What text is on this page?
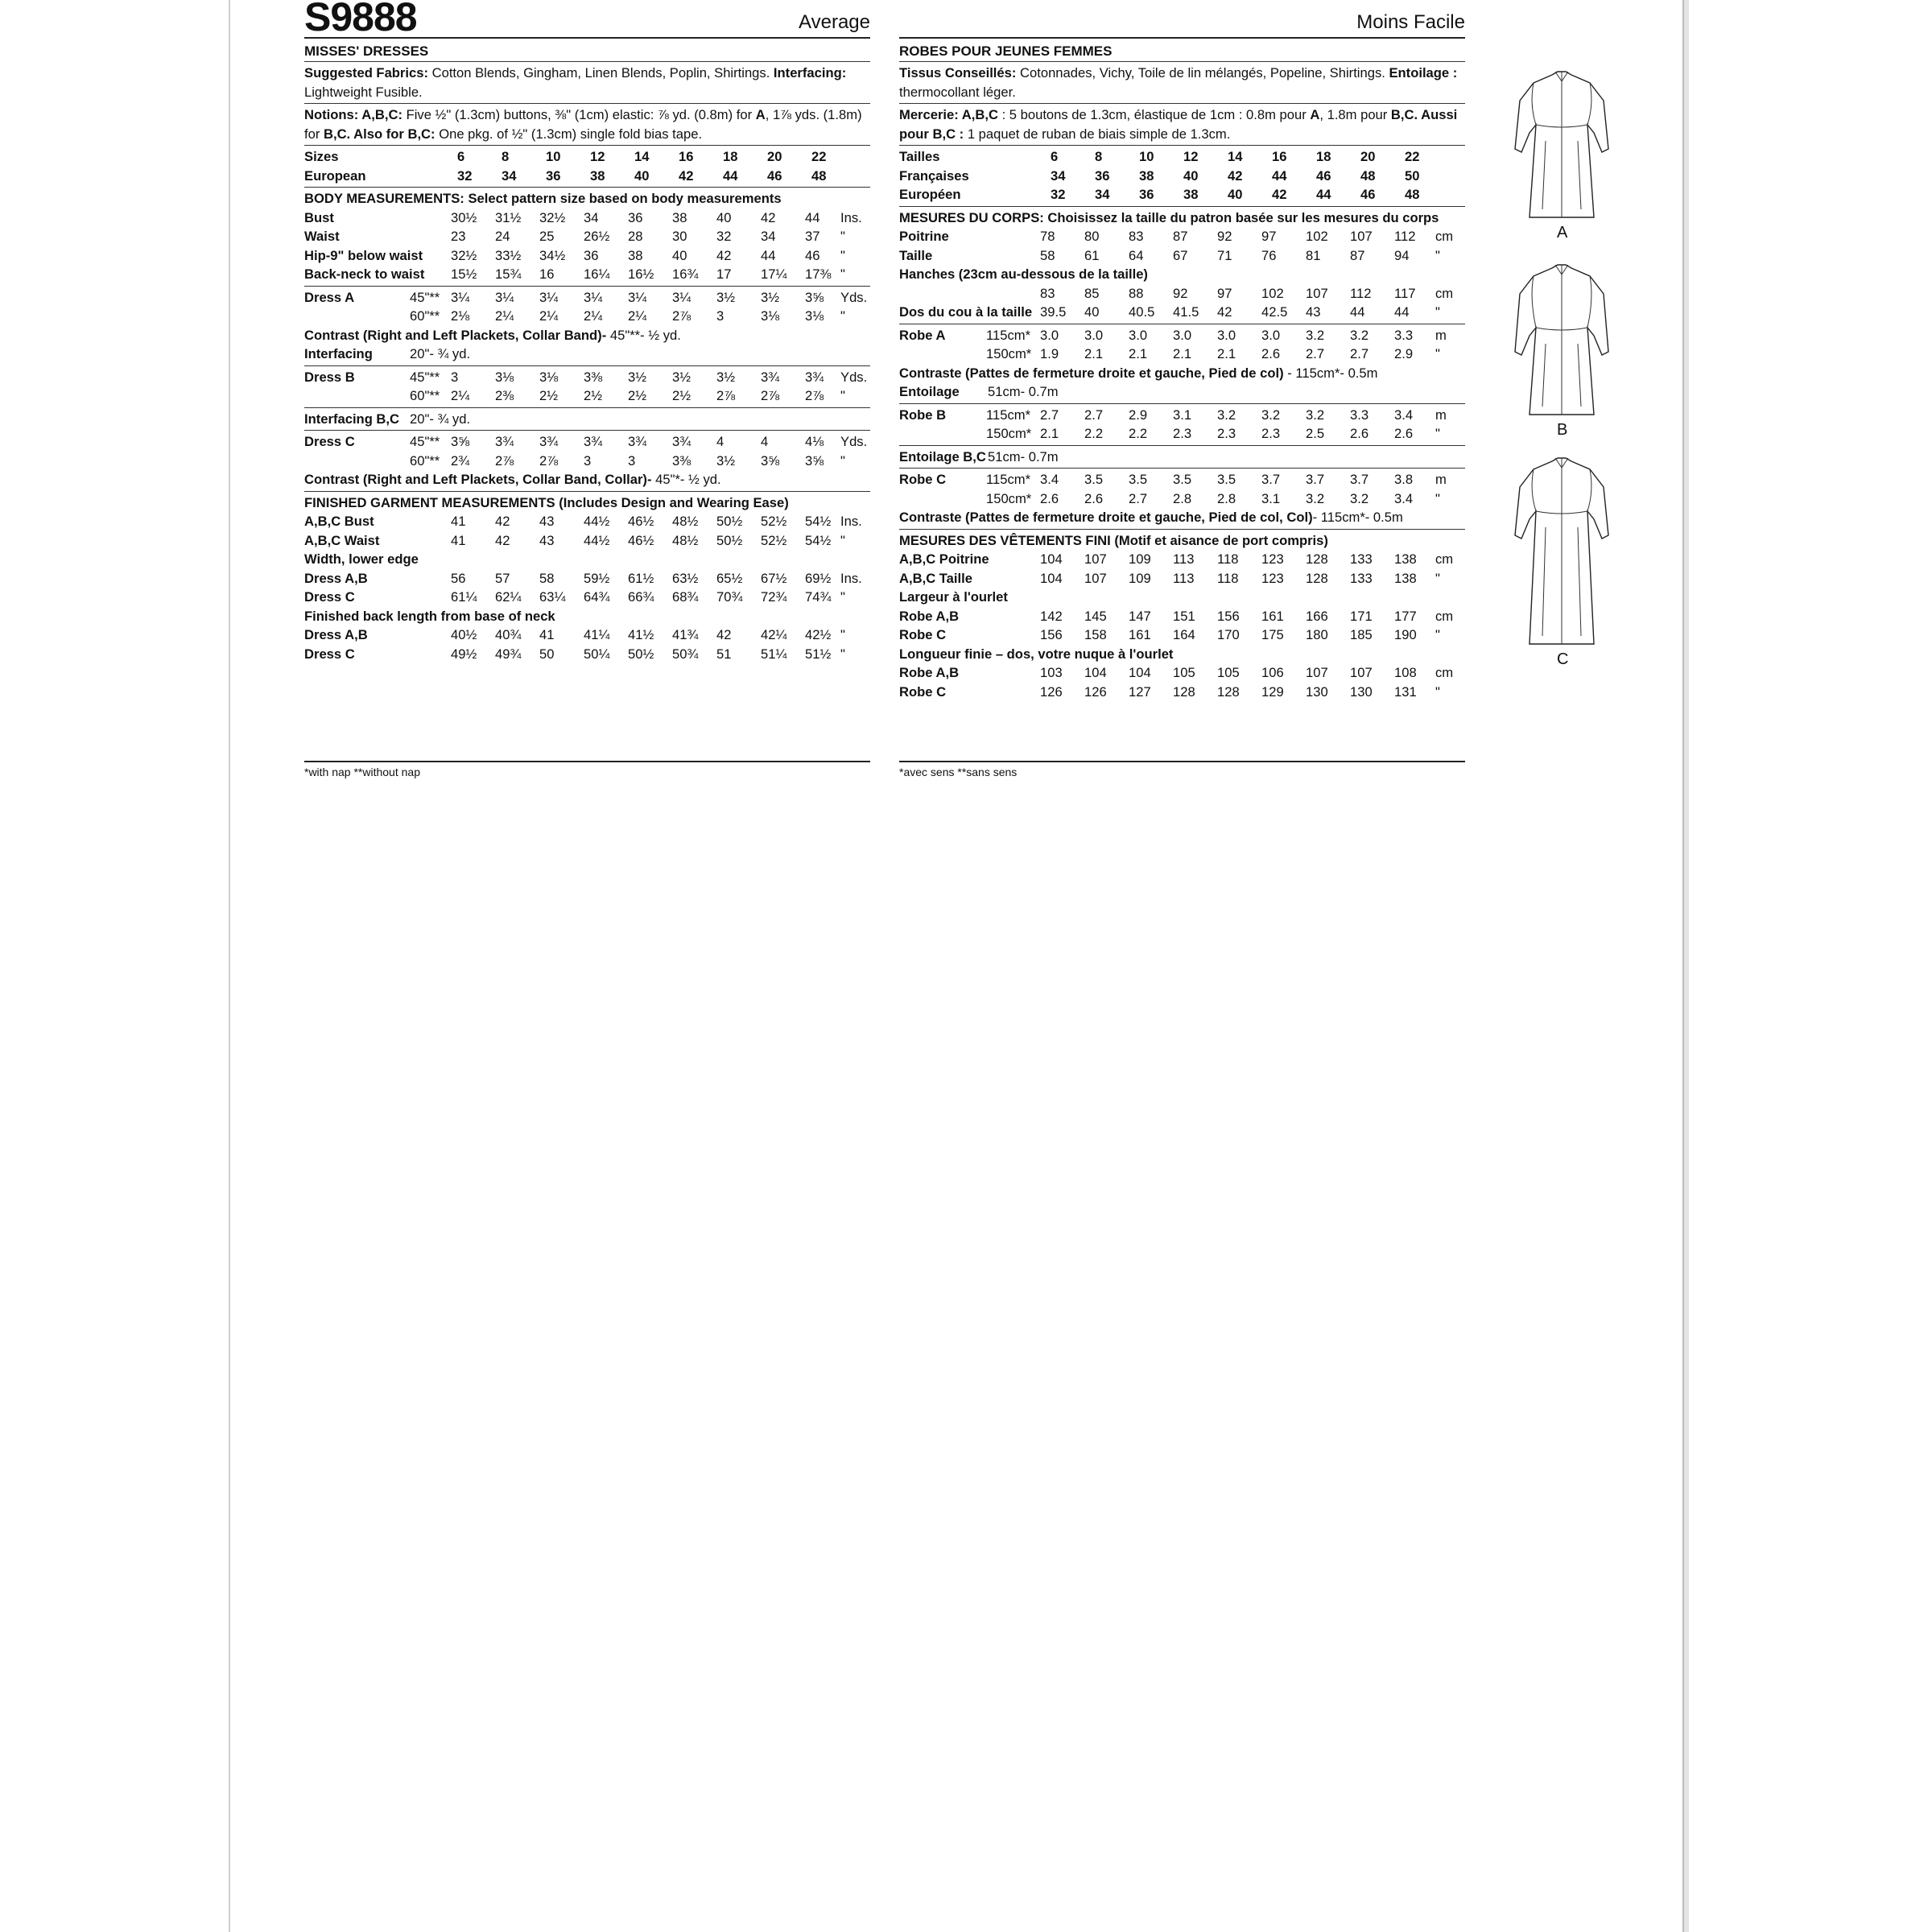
S9888	Average
MISSES' DRESSES
Suggested Fabrics: Cotton Blends, Gingham, Linen Blends, Poplin, Shirtings. Interfacing:
Lightweight Fusible.
Notions: A,B,C: Five ½" (1.3cm) buttons, ⅜" (1cm) elastic: ⅞ yd. (0.8m) for A, 1⅞ yds. (1.8m) for B,C. Also for B,C: One pkg. of ½" (1.3cm) single fold bias tape.
Sizes	6	8	10 12 14 16 18 20 22
European	32 34 36 38 40 42 44 46 48
BODY MEASUREMENTS: Select pattern size based on body measurements
Bust	30½ 31½ 32½ 34 36 38 40 42 44 Ins.
Waist	23 24 25 26½ 28 30 32 34 37 "
Hip-9" below waist 32½ 33½ 34½ 36 38 40 42 44 46 "
Back-neck to waist 15½ 15¾ 16 16¼ 16½ 16¾ 17 17¼ 17⅜ "
Dress A	45"** 3¼ 3¼ 3¼ 3¼ 3¼ 3¼ 3½ 3½ 3⅝ Yds.
60"** 2⅛ 2¼ 2¼ 2¼ 2¼ 2⅞ 3	3⅛ 3⅛ "
Contrast (Right and Left Plackets, Collar Band)- 45"**- ½ yd.
Interfacing	20"- ¾ yd.
Dress B	45"** 3	3⅛ 3⅛ 3⅜ 3½ 3½ 3½ 3¾ 3¾ Yds.
60"** 2¼ 2⅜ 2½ 2½ 2½ 2½ 2⅞ 2⅞ 2⅞ "
Interfacing B,C 20"- ¾ yd.
Dress C	45"** 3⅝ 3¾ 3¾ 3¾ 3¾ 3¾ 4	4	4⅛ Yds.
60"** 2¾ 2⅞ 2⅞ 3	3	3⅜ 3½ 3⅝ 3⅝ "
Contrast (Right and Left Plackets, Collar Band, Collar)- 45"*- ½ yd.
FINISHED GARMENT MEASUREMENTS (Includes Design and Wearing Ease)
A,B,C Bust	41 42 43 44½ 46½ 48½ 50½ 52½ 54½ Ins.
A,B,C Waist	41 42 43 44½ 46½ 48½ 50½ 52½ 54½ "
Width, lower edge
Dress A,B	56 57 58 59½ 61½ 63½ 65½ 67½ 69½ Ins.
Dress C	61¼ 62¼ 63¼ 64¾ 66¾ 68¾ 70¾ 72¾ 74¾ "
Finished back length from base of neck
Dress A,B	40½ 40¾ 41 41¼ 41½ 41¾ 42 42¼ 42½ "
Dress C	49½ 49¾ 50 50¼ 50½ 50¾ 51 51¼ 51½ "
*with nap **without nap
Moins Facile
ROBES POUR JEUNES FEMMES
Tissus Conseillés: Cotonnades, Vichy, Toile de lin mélangés, Popeline, Shirtings. Entoilage :
thermocollant léger.
Mercerie: A,B,C : 5 boutons de 1.3cm, élastique de 1cm : 0.8m pour A, 1.8m pour B,C. Aussi pour B,C : 1 paquet de ruban de biais simple de 1.3cm.
Tailles	6	8	10 12 14 16 18 20 22
Françaises	34 36 38 40 42 44 46 48 50
Européen	32 34 36 38 40 42 44 46 48
MESURES DU CORPS: Choisissez la taille du patron basée sur les mesures du corps
Poitrine	78 80 83 87 92 97 102 107 112 cm
Taille	58 61 64 67 71 76 81 87 94 "
Hanches (23cm au-dessous de la taille)
83 85 88 92 97 102 107 112 117 cm
Dos du cou à la taille 39.5 40 40.5 41.5 42 42.5 43 44 44 "
Robe A	115cm* 3.0 3.0 3.0 3.0 3.0 3.0 3.2 3.2 3.3 m
150cm* 1.9 2.1 2.1 2.1 2.1 2.6 2.7 2.7 2.9 "
Contraste (Pattes de fermeture droite et gauche, Pied de col) - 115cm*- 0.5m
Entoilage 51cm- 0.7m
Robe B	115cm* 2.7 2.7 2.9 3.1 3.2 3.2 3.2 3.3 3.4 m
150cm* 2.1 2.2 2.2 2.3 2.3 2.3 2.5 2.6 2.6 "
Entoilage B,C 51cm- 0.7m
Robe C	115cm* 3.4 3.5 3.5 3.5 3.5 3.7 3.7 3.7 3.8 m
150cm* 2.6 2.6 2.7 2.8 2.8 3.1 3.2 3.2 3.4 "
Contraste (Pattes de fermeture droite et gauche, Pied de col, Col)- 115cm*- 0.5m
MESURES DES VÊTEMENTS FINI (Motif et aisance de port compris)
A,B,C Poitrine	104 107 109 113 118 123 128 133 138 cm
A,B,C Taille	104 107 109 113 118 123 128 133 138 "
Largeur à l'ourlet
Robe A,B	142 145 147 151 156 161 166 171 177 cm
Robe C	156 158 161 164 170 175 180 185 190 "
Longueur finie – dos, votre nuque à l'ourlet
Robe A,B	103 104 104 105 105 106 107 107 108 cm
Robe C	126 126 127 128 128 129 130 130 131 "
*avec sens **sans sens
A
B
C
